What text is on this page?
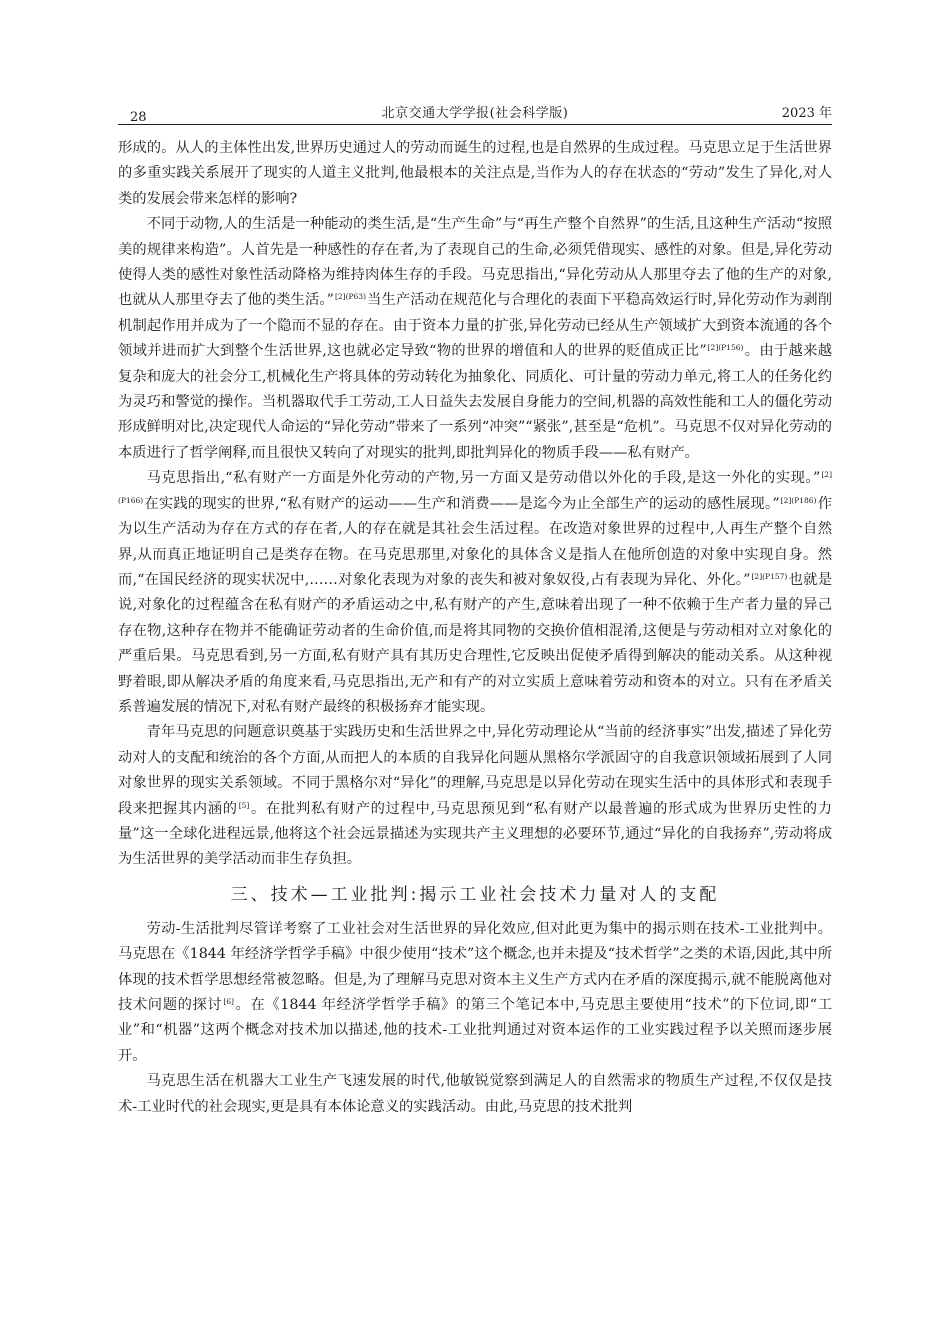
28	北京交通大学学报(社会科学版)	2023 年

形成的。从人的主体性出发,世界历史通过人的劳动而诞生的过程,也是自然界的生成过程。马克思立足于生活世界的多重实践关系展开了现实的人道主义批判,他最根本的关注点是,当作为人的存在状态的“劳动”发生了异化,对人类的发展会带来怎样的影响?

不同于动物,人的生活是一种能动的类生活,是“生产生命”与“再生产整个自然界”的生活,且这种生产活动“按照美的规律来构造”。人首先是一种感性的存在者,为了表现自己的生命,必须凭借现实、感性的对象。但是,异化劳动使得人类的感性对象性活动降格为维持肉体生存的手段。马克思指出,“异化劳动从人那里夺去了他的生产的对象,也就从人那里夺去了他的类生活。”$^{[2](P63)}$当生产活动在规范化与合理化的表面下平稳高效运行时,异化劳动作为剥削机制起作用并成为了一个隐而不显的存在。由于资本力量的扩张,异化劳动已经从生产领域扩大到资本流通的各个领域并进而扩大到整个生活世界,这也就必定导致“物的世界的增值和人的世界的贬值成正比”$^{[2](P156)}$。由于越来越复杂和庞大的社会分工,机械化生产将具体的劳动转化为抽象化、同质化、可计量的劳动力单元,将工人的任务化约为灵巧和警觉的操作。当机器取代手工劳动,工人日益失去发展自身能力的空间,机器的高效性能和工人的僵化劳动形成鲜明对比,决定现代人命运的“异化劳动”带来了一系列“冲突”“紧张”,甚至是“危机”。马克思不仅对异化劳动的本质进行了哲学阐释,而且很快又转向了对现实的批判,即批判异化的物质手段——私有财产。

马克思指出,“私有财产一方面是外化劳动的产物,另一方面又是劳动借以外化的手段,是这一外化的实现。”$^{[2](P166)}$在实践的现实的世界,“私有财产的运动——生产和消费——是迄今为止全部生产的运动的感性展现。”$^{[2](P186)}$作为以生产活动为存在方式的存在者,人的存在就是其社会生活过程。在改造对象世界的过程中,人再生产整个自然界,从而真正地证明自己是类存在物。在马克思那里,对象化的具体含义是指人在他所创造的对象中实现自身。然而,“在国民经济的现实状况中,……对象化表现为对象的丧失和被对象奴役,占有表现为异化、外化。”$^{[2](P157)}$也就是说,对象化的过程蕴含在私有财产的矛盾运动之中,私有财产的产生,意味着出现了一种不依赖于生产者力量的异己存在物,这种存在物并不能确证劳动者的生命价值,而是将其同物的交换价值相混淆,这便是与劳动相对立对象化的严重后果。马克思看到,另一方面,私有财产具有其历史合理性,它反映出促使矛盾得到解决的能动关系。从这种视野着眼,即从解决矛盾的角度来看,马克思指出,无产和有产的对立实质上意味着劳动和资本的对立。只有在矛盾关系普遍发展的情况下,对私有财产最终的积极扬弃才能实现。

青年马克思的问题意识奠基于实践历史和生活世界之中,异化劳动理论从“当前的经济事实”出发,描述了异化劳动对人的支配和统治的各个方面,从而把人的本质的自我异化问题从黑格尔学派固守的自我意识领域拓展到了人同对象世界的现实关系领域。不同于黑格尔对“异化”的理解,马克思是以异化劳动在现实生活中的具体形式和表现手段来把握其内涵的[5]。在批判私有财产的过程中,马克思预见到“私有财产以最普遍的形式成为世界历史性的力量”这一全球化进程远景,他将这个社会远景描述为实现共产主义理想的必要环节,通过“异化的自我扬弃”,劳动将成为生活世界的美学活动而非生存负担。

三、技术—工业批判:揭示工业社会技术力量对人的支配

劳动-生活批判尽管详考察了工业社会对生活世界的异化效应,但对此更为集中的揭示则在技术-工业批判中。马克思在《1844 年经济学哲学手稿》中很少使用“技术”这个概念,也并未提及“技术哲学”之类的术语,因此,其中所体现的技术哲学思想经常被忽略。但是,为了理解马克思对资本主义生产方式内在矛盾的深度揭示,就不能脱离他对技术问题的探讨[6]。在《1844 年经济学哲学手稿》的第三个笔记本中,马克思主要使用“技术”的下位词,即“工业”和“机器”这两个概念对技术加以描述,他的技术-工业批判通过对资本运作的工业实践过程予以关照而逐步展开。

马克思生活在机器大工业生产飞速发展的时代,他敏锐觉察到满足人的自然需求的物质生产过程,不仅仅是技术-工业时代的社会现实,更是具有本体论意义的实践活动。由此,马克思的技术批判
